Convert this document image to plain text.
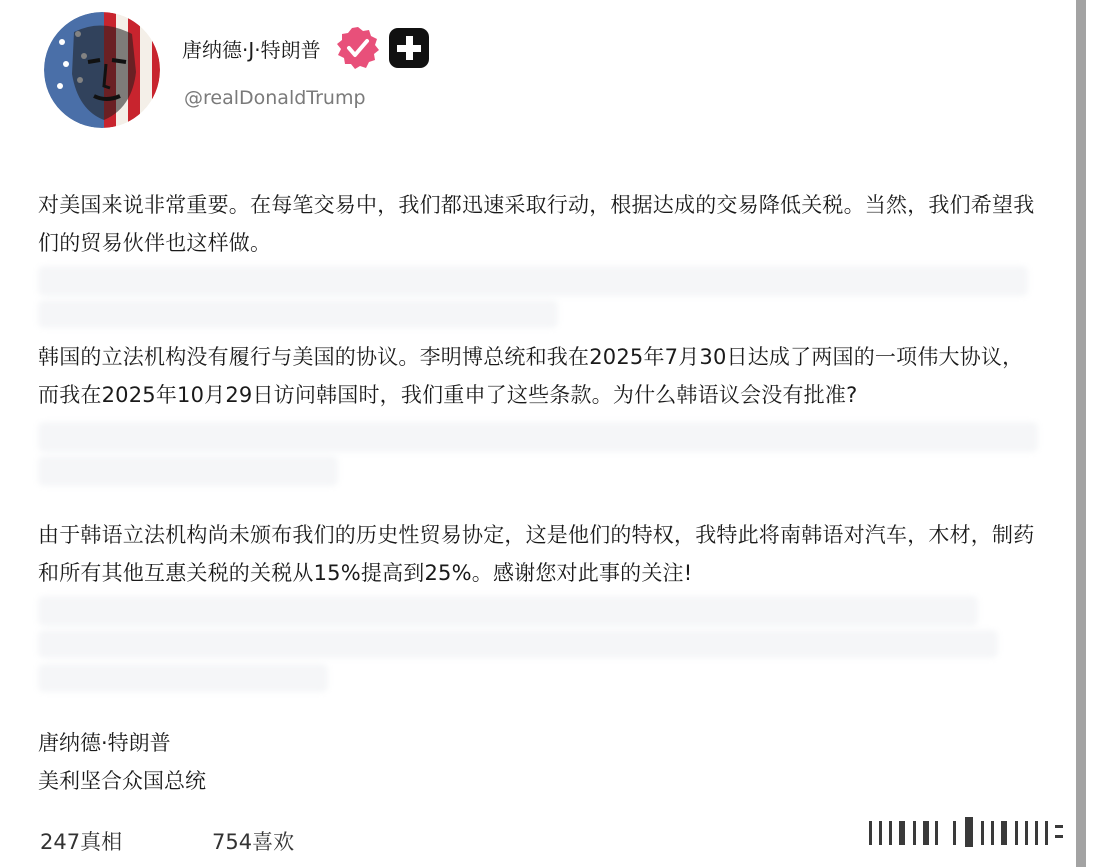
唐纳德·J·特朗普
@realDonaldTrump

对美国来说非常重要。在每笔交易中，我们都迅速采取行动，根据达成的交易降低关税。当然，我们希望我们的贸易伙伴也这样做。

韩国的立法机构没有履行与美国的协议。李明博总统和我在2025年7月30日达成了两国的一项伟大协议，而我在2025年10月29日访问韩国时，我们重申了这些条款。为什么韩语议会没有批准?

由于韩语立法机构尚未颁布我们的历史性贸易协定，这是他们的特权，我特此将南韩语对汽车，木材，制药和所有其他互惠关税的关税从15%提高到25%。感谢您对此事的关注!

唐纳德·特朗普
美利坚合众国总统
247真相	754喜欢
